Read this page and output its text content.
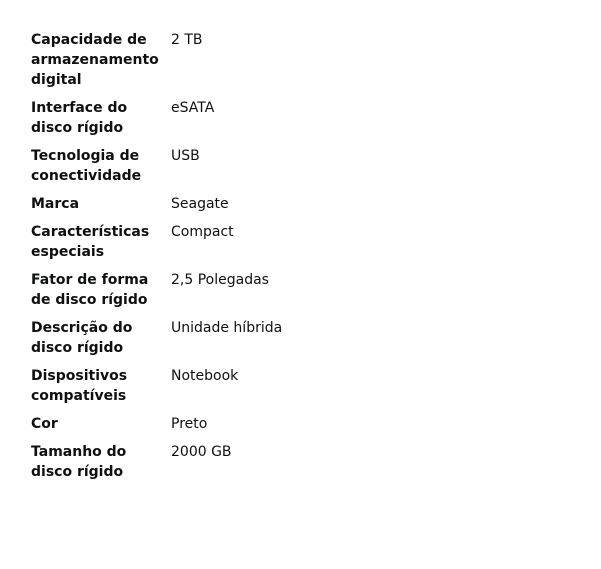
Capacidade de armazenamento digital
2 TB
Interface do disco rígido
eSATA
Tecnologia de conectividade
USB
Marca	Seagate
Características especiais
Compact
Fator de forma de disco rígido
2,5 Polegadas
Descrição do disco rígido
Unidade híbrida
Dispositivos compatíveis
Notebook
Cor	Preto
Tamanho do disco rígido
2000 GB
